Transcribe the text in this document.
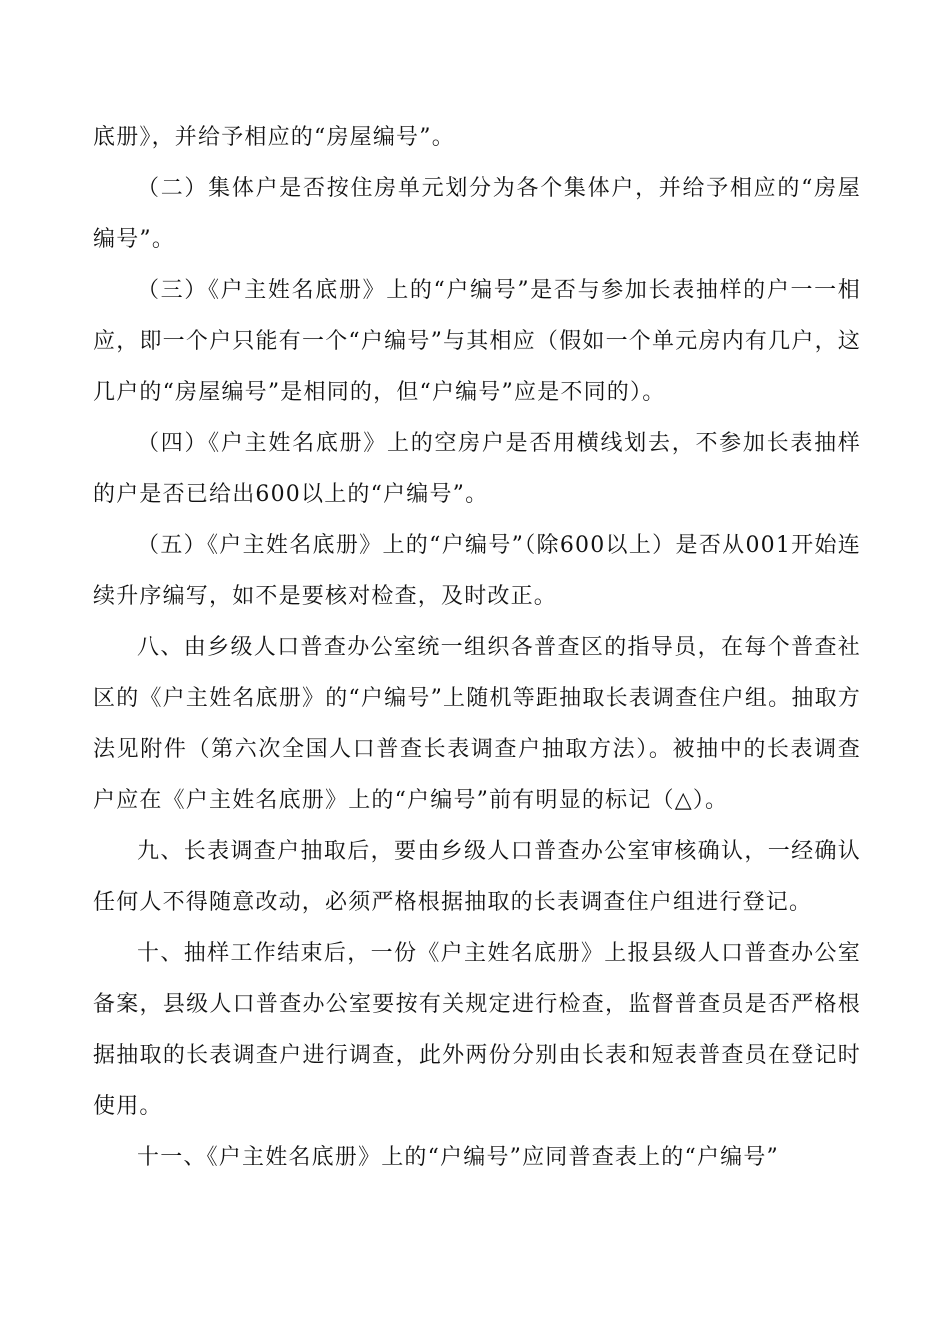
底册》，并给予相应的“房屋编号”。

（二）集体户是否按住房单元划分为各个集体户，并给予相应的“房屋编号”。

（三）《户主姓名底册》上的“户编号”是否与参加长表抽样的户一一相应，即一个户只能有一个“户编号”与其相应（假如一个单元房内有几户，这几户的“房屋编号”是相同的，但“户编号”应是不同的）。

（四）《户主姓名底册》上的空房户是否用横线划去，不参加长表抽样的户是否已给出600以上的“户编号”。

（五）《户主姓名底册》上的“户编号”（除600以上）是否从001开始连续升序编写，如不是要核对检查，及时改正。

八、由乡级人口普查办公室统一组织各普查区的指导员，在每个普查社区的《户主姓名底册》的“户编号”上随机等距抽取长表调查住户组。抽取方法见附件（第六次全国人口普查长表调查户抽取方法）。被抽中的长表调查户应在《户主姓名底册》上的“户编号”前有明显的标记（△）。

九、长表调查户抽取后，要由乡级人口普查办公室审核确认，一经确认任何人不得随意改动，必须严格根据抽取的长表调查住户组进行登记。

十、抽样工作结束后，一份《户主姓名底册》上报县级人口普查办公室备案，县级人口普查办公室要按有关规定进行检查，监督普查员是否严格根据抽取的长表调查户进行调查，此外两份分别由长表和短表普查员在登记时使用。

十一、《户主姓名底册》上的“户编号”应同普查表上的“户编号”
